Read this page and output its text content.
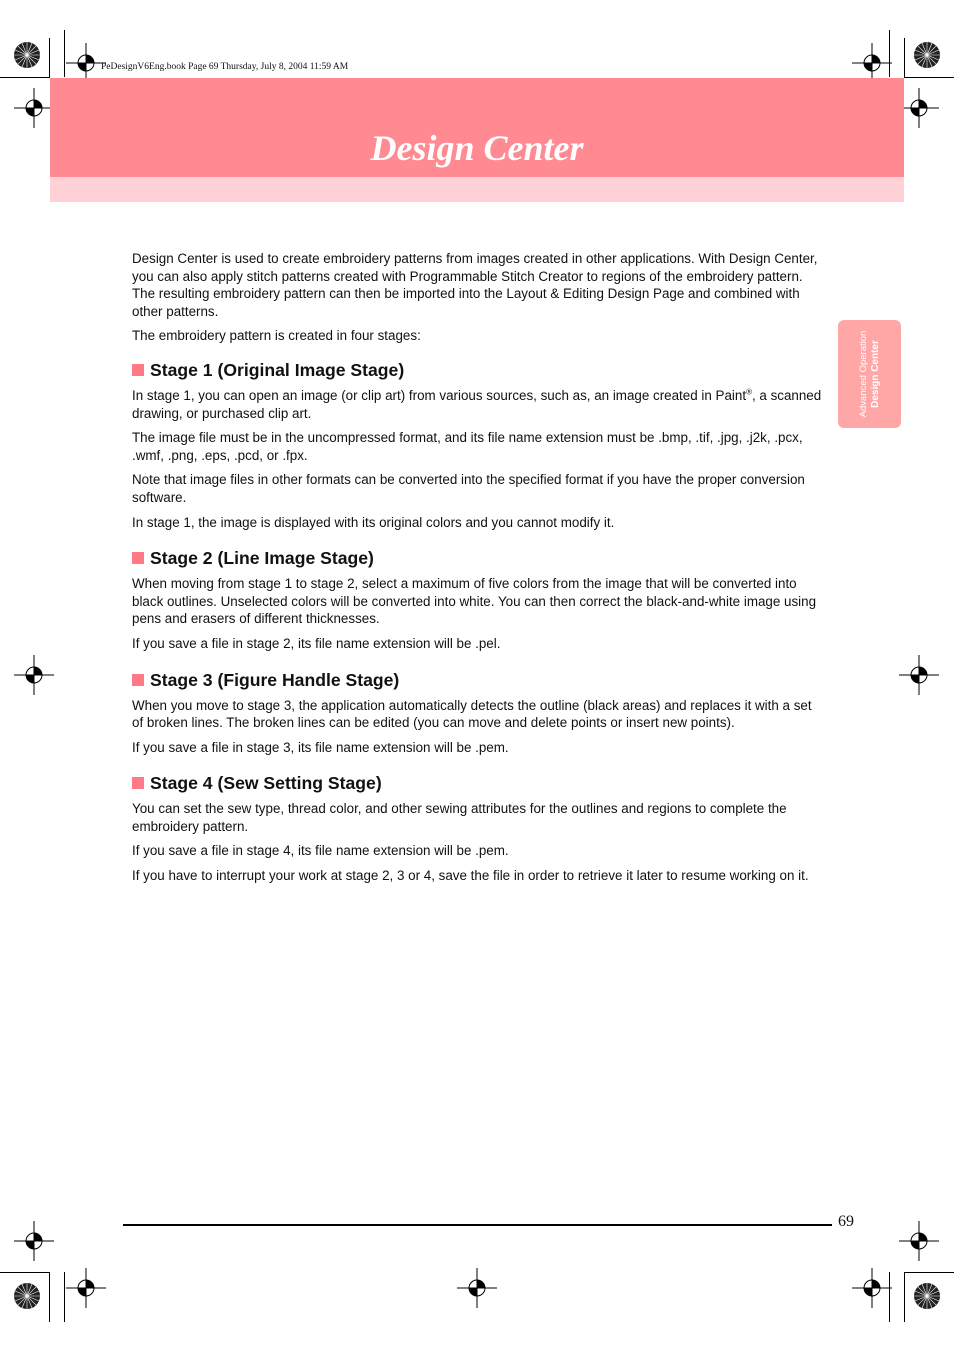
PeDesignV6Eng.book Page 69 Thursday, July 8, 2004 11:59 AM
Design Center
Advanced Operation Design Center

Design Center is used to create embroidery patterns from images created in other applications. With Design Center, you can also apply stitch patterns created with Programmable Stitch Creator to regions of the embroidery pattern. The resulting embroidery pattern can then be imported into the Layout & Editing Design Page and combined with other patterns.

The embroidery pattern is created in four stages:

Stage 1 (Original Image Stage)

In stage 1, you can open an image (or clip art) from various sources, such as, an image created in Paint®, a scanned drawing, or purchased clip art.

The image file must be in the uncompressed format, and its file name extension must be .bmp, .tif, .jpg, .j2k, .pcx, .wmf, .png, .eps, .pcd, or .fpx.

Note that image files in other formats can be converted into the specified format if you have the proper conversion software.

In stage 1, the image is displayed with its original colors and you cannot modify it.

Stage 2 (Line Image Stage)

When moving from stage 1 to stage 2, select a maximum of five colors from the image that will be converted into black outlines. Unselected colors will be converted into white. You can then correct the black-and-white image using pens and erasers of different thicknesses.

If you save a file in stage 2, its file name extension will be .pel.

Stage 3 (Figure Handle Stage)

When you move to stage 3, the application automatically detects the outline (black areas) and replaces it with a set of broken lines. The broken lines can be edited (you can move and delete points or insert new points).

If you save a file in stage 3, its file name extension will be .pem.

Stage 4 (Sew Setting Stage)

You can set the sew type, thread color, and other sewing attributes for the outlines and regions to complete the embroidery pattern.

If you save a file in stage 4, its file name extension will be .pem.

If you have to interrupt your work at stage 2, 3 or 4, save the file in order to retrieve it later to resume working on it.

69
